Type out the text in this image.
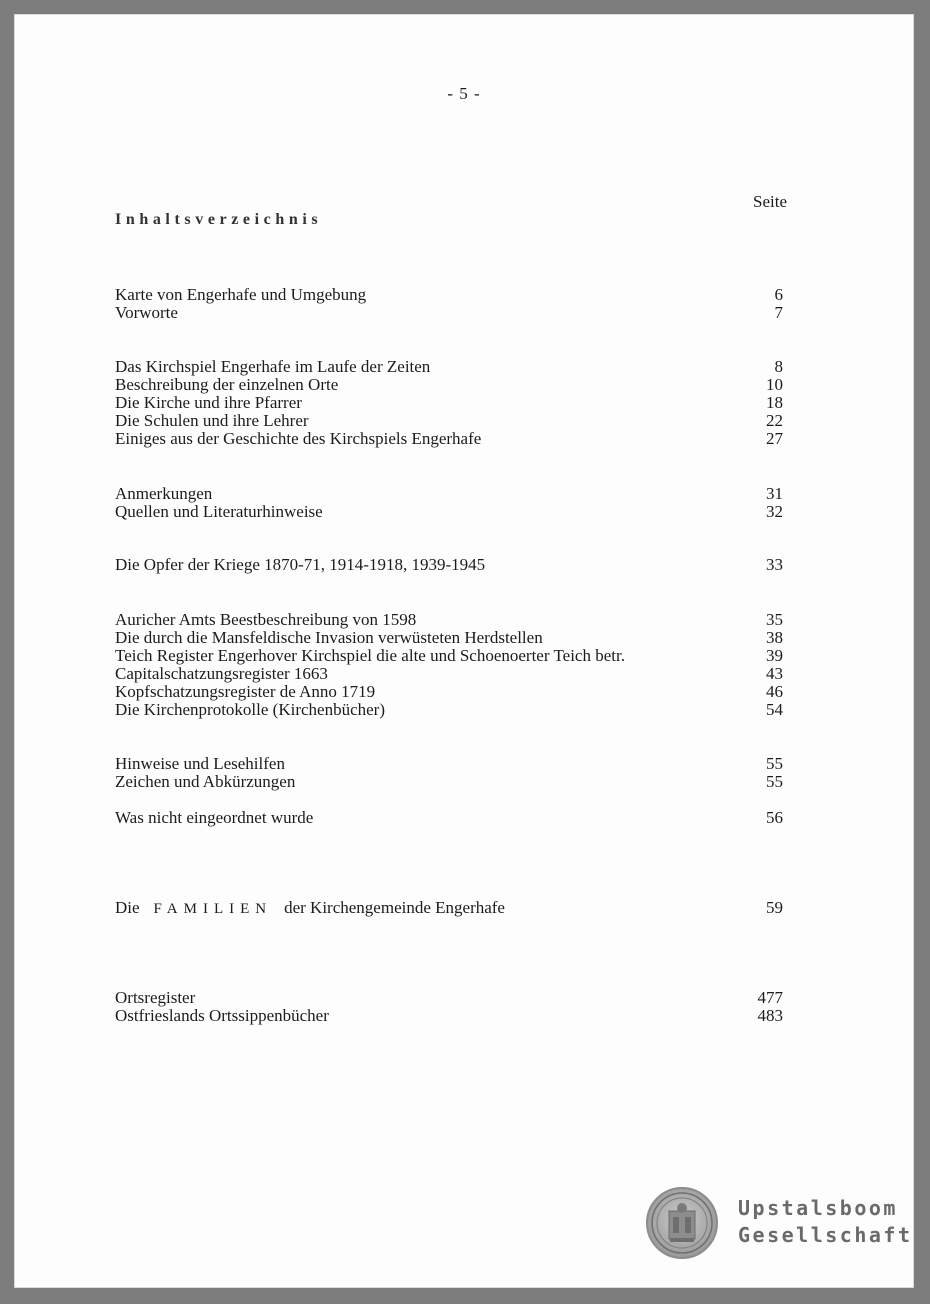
- 5 -
Seite
Inhaltsverzeichnis
Karte von Engerhafe und Umgebung	6
Vorworte	7
Das Kirchspiel Engerhafe im Laufe der Zeiten	8
Beschreibung der einzelnen Orte	10
Die Kirche und ihre Pfarrer	18
Die Schulen und ihre Lehrer	22
Einiges aus der Geschichte des Kirchspiels Engerhafe	27
Anmerkungen	31
Quellen und Literaturhinweise	32
Die Opfer der Kriege 1870-71, 1914-1918, 1939-1945	33
Auricher Amts Beestbeschreibung von 1598	35
Die durch die Mansfeldische Invasion verwüsteten Herdstellen	38
Teich Register Engerhover Kirchspiel die alte und Schoenoerter Teich betr.	39
Capitalschatzungsregister 1663	43
Kopfschatzungsregister de Anno 1719	46
Die Kirchenprotokolle (Kirchenbücher)	54
Hinweise und Lesehilfen	55
Zeichen und Abkürzungen	55
Was nicht eingeordnet wurde	56
Die FAMILIEN der Kirchengemeinde Engerhafe	59
Ortsregister	477
Ostfrieslands Ortssippenbücher	483
Upstalsboom
Gesellschaft
